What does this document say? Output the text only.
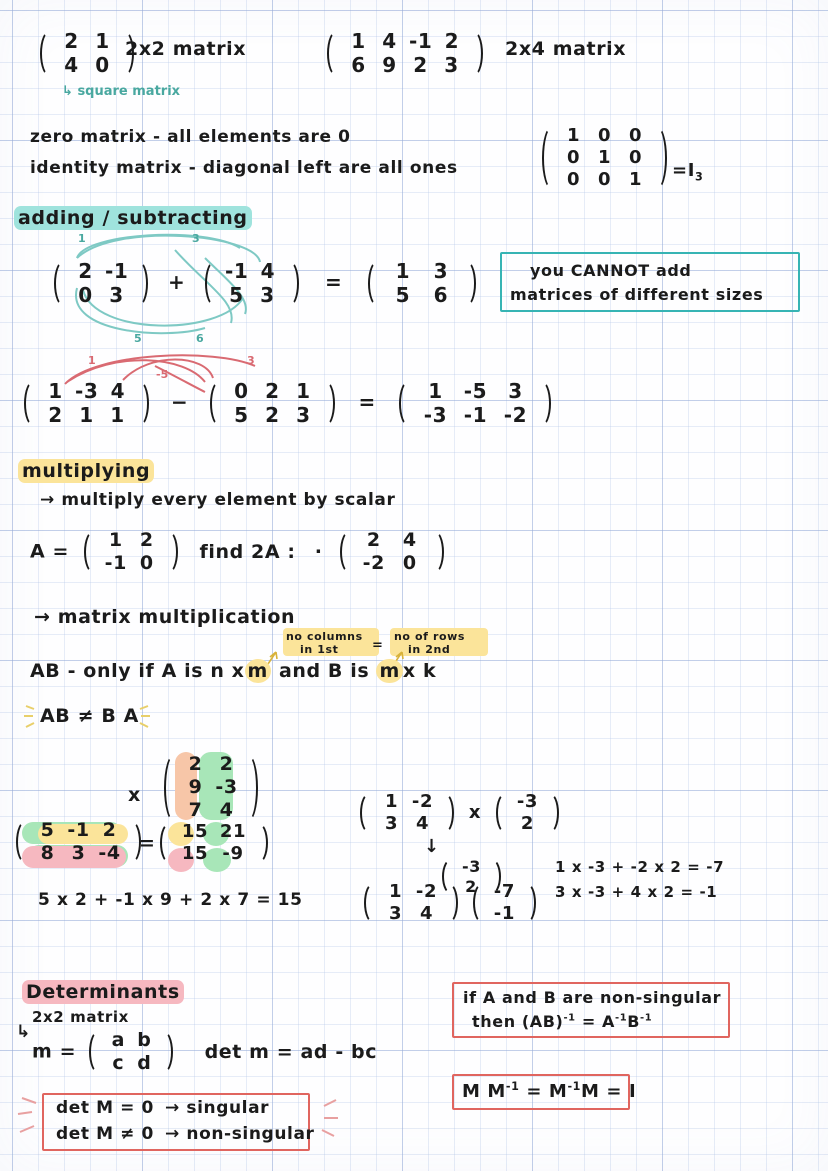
2 1
4 0
2x2 matrix
↳ square matrix
1 4 -1 2
6 9 2 3
2x4 matrix
zero matrix - all elements are 0
identity matrix - diagonal left are all ones
1 0 0
0 1 0
0 0 1	$=I_3$
adding / subtracting
1	3
5	6
2 -1
0 3
+ -1 4
5 3
=	1	3
5	6
you CANNOT add
matrices of different sizes
1
-5
3
1 -3 4
2 1 1
−	0 2 1
5 2 3
=	1	-5	3
-3 -1 -2
multiplying
→ multiply every element by scalar
A =
1 2
-1 0
find 2A : ·
2	4
-2 0
→ matrix multiplication
no columns
in 1st	=
no of rows
in 2nd
AB - only if A is n x m and B is m x k
AB ≠ B A
x
2 2
9 -3
7 4
5 -1 2
8 3 -4 =
15 21
15 -9
5 x 2 + -1 x 9 + 2 x 7 = 15
1 -2
3 4
x
-3
2
↓
-3
2
1 -2
3 4

-7
-1
1 x -3 + -2 x 2 = -7
3 x -3 + 4 x 2 = -1
Determinants
2x2 matrix
↳
m =
a b
c d
det m = ad - bc
det M = 0 → singular
det M ≠ 0 → non-singular
if A and B are non-singular
then $(AB)^{-1} = A^{-1}B^{-1}$
M $M^{-1} = M^{-1}M = I$
